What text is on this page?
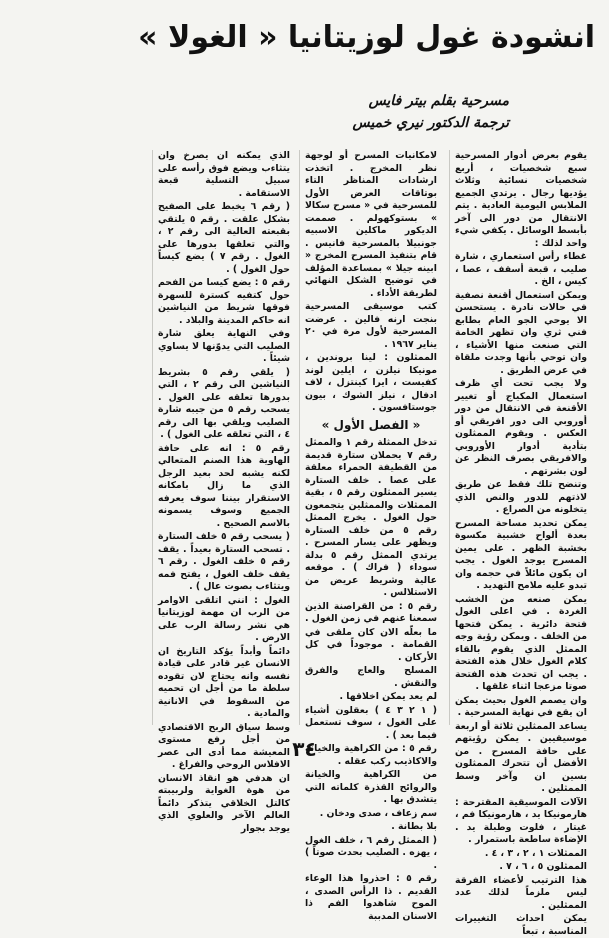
انشودة غول لوزيتانيا « الغولا »
مسرحية بقلم بيتر فايس
ترجمة الدكتور نيري خميس

يقوم بعرض أدوار المسرحية سبع شخصيات ، أربع شخصيات نسائية وثلاث يؤديها رجال . يرتدي الجميع الملابس اليومية العادية . يتم الانتقال من دور الى آخر بأبسط الوسائل . يكفي شيء واحد لذلك :

غطاء رأس استعماري ، شارة صليب ، قبعة أسقف ، عصا ، كيس ، الخ .

ويمكن استعمال أقنعة نصفية في حالات نادرة . يستحسن الا يوحي الجو العام بطابع فني ثري وان تظهر الخامة التي صنعت منها الأشياء ، وان توحي بأنها وجدت ملقاة في عرض الطريق .

ولا يجب تحت أي ظرف استعمال المكياج أو تغيير الأقنعة في الانتقال من دور أوروبي الى دور افريقي أو العكس . ويقوم الممثلون بتأدية أدوار الأوروبي والافريقي بصرف النظر عن لون بشرتهم .

وتنضح تلك فقط عن طريق لاذتهم للدور والنص الذي يتخلونه من الصراع .

يمكن تحديد مساحة المسرح بعدة ألواح خشبية مكسوة بخشبة الظهر . على يمين المسرح يوجد الغول . يجب ان يكون مائلاً في حجمه وان تبدو عليه ملامح التهديد .

يمكن صنعه من الخشب الغردة . في اعلى الغول فتحة دائرية . يمكن فتحها من الخلف . ويمكن رؤية وجه الممثل الذي يقوم بالقاء كلام الغول خلال هذه الفتحة . يجب ان تحدث هذه الفتحة صوتا مزعجا اثناء غلقها .

وان يصمم الغول بحيث يمكن ان يقع في نهاية المسرحية .

يساعد الممثلين ثلاثة أو اربعة موسيقيين . يمكن رؤيتهم على حافة المسرح . من الأفضل أن تتحرك الممثلون بسين ان وآخر وسط الممثلين .

الآلات الموسيقية المقترحة : هارمونيكا يد ، هارمونيكا فم ، غيتار ، فلوت وطبلة يد . الإضاءة ساطعة باستمرار .

الممثلات ١ ، ٢ ، ٣ ، ٤ .

الممثلون ٥ ، ٦ ، ٧ .

هذا الترتيب لأعضاء الفرقة ليس ملزماً لذلك عدد الممثلين .

يمكن احداث التغييرات المناسبة ، تبعاً

لامكانيات المسرح أو لوجهة نظر المخرج . اتخذت ارشادات المناظر التاء بوتاقات العرض الأول للمسرحية في « مسرح سكالا » بستوكهولم . صممت الديكور ماكلين الاسبيه جونبيلا بالمسرحية فانيس . قام بتنفيذ المسرح المخرج « ابينه جيلا » بمساعدة المؤلف في توضيح الشكل النهائي لطريقة الأداء .

كتب موسيقى المسرحية بنجت ارنه فالين . عرضت المسرحية لأول مرة في ٢٠ يناير ١٩٦٧ .

الممثلون : لينا بروندين ، مونيكا نيلزن ، ايلين لوند كفيست ، ايرا كينتزل ، لاف ادفال ، نيلز الشوك ، بيون جوستافسون .

« الفصل الأول »

تدخل الممثلة رقم ١ والممثل رقم ٧ يحملان ستارة قديمة من القطيفة الحمراء معلقة على عصا . خلف الستارة يسير الممثلون رقم ٥ ، بقية الممثلات والممثلين يتجمعون حول الغول . يخرج الممثل رقم ٥ من خلف الستارة ويظهر على يسار المسرح . يرتدي الممثل رقم ٥ بدلة سوداء ( فراك ) . موقعه عالية وشريط عريض من الاستلالس .

رقم ٥ : من القراصنة الذين سمعنا عنهم في زمن الغول .

ما بعلّه الان كان ملقى في القمامة . موجوداً في كل الأركان .

المسلح والعاج والفرق والنقش .

لم يعد يمكن اخلاقها .

( ١ ٢ ٣ ٤ ) بعقلون أشياء على الغول ، سوف تستعمل فيما بعد ) .

رقم ٥ : من الكراهية والخيانة والاكاذيب ركب عقله .

من الكراهية والخيانة والروائح القذرة كلماته التي يتشدق بها .

سم زعاف ، صدى ودخان .

بلا بطانة .

( الممثل رقم ٦ ، خلف الغول ، يهزه . الصليب بحدث صوتاً ) .

رقم ٥ : احذروا هذا الوعاء القديم . ذا الرأس الصدى ، الموح شاهدوا الفم ذا الاسنان المدببة

الذي يمكنه ان يصرخ وان يتثاءب ويضع فوق رأسه على سبيل التسلية قبعة الاستقامة .

( رقم ٦ يخبط على الصفيح بشكل علقت . رقم ٥ يلتقي بقبعته العالية الى رقم ٢ ، والتي تعلقها بدورها على الغول . رقم ٧ ) يضع كيساً حول الغول ) .

رقم ٥ : يضع كيسا من الفحم حول كتفيه كسترة للسهرة فوقها شريط من النياشين انه حاكم المدينة والبلاد .

وفي النهاية يعلق شارة الصليب التي يدوّنها لا يساوي شيئاً .

( يلقي رقم ٥ بشريط النياشين الى رقم ٢ ، التي بدورها تعلقه على الغول . يسحب رقم ٥ من جيبه شارة الصليب ويلقي بها الى رقم ٤ ، التي تعلقه على الغول ) .

رقم ٥ : انه على حافة الهاوية هذا الصنم المتعالي لكنه يشبه لحد بعيد الرجل الذي ما زال بامكانه الاستقرار بيننا سوف يعرفه الجميع وسوف يسمونه بالاسم الصحيح .

( يسحب رقم ٥ خلف الستارة . تسحب الستارة بعيداً . يقف رقم ٥ خلف الغول . رقم ٦ يقف خلف الغول ، يفتح فمه ويتثاءب بصوت عال ) .

الغول : انني اتلقى الاوامر من الرب ان مهمة لوزيتانيا هي نشر رسالة الرب على الارض .

دائماً وأبداً يؤكد التاريخ ان الانسان غير قادر على قيادة نفسه وانه يحتاج لان تقوده سلطة ما من أجل ان تحميه من السقوط في الانانية والمادية .

وسط سياق الربح الاقتصادي من أجل رفع مستوى المعيشة مما أدى الى عصر الافلاس الروحي والفراغ .

ان هدفي هو انقاذ الانسان من هوة الغواية ولربيبته كالتل الخلاقي يتذكر دائماً العالم الآخر والعلوي الذي يوجد بجوار

٣٤
